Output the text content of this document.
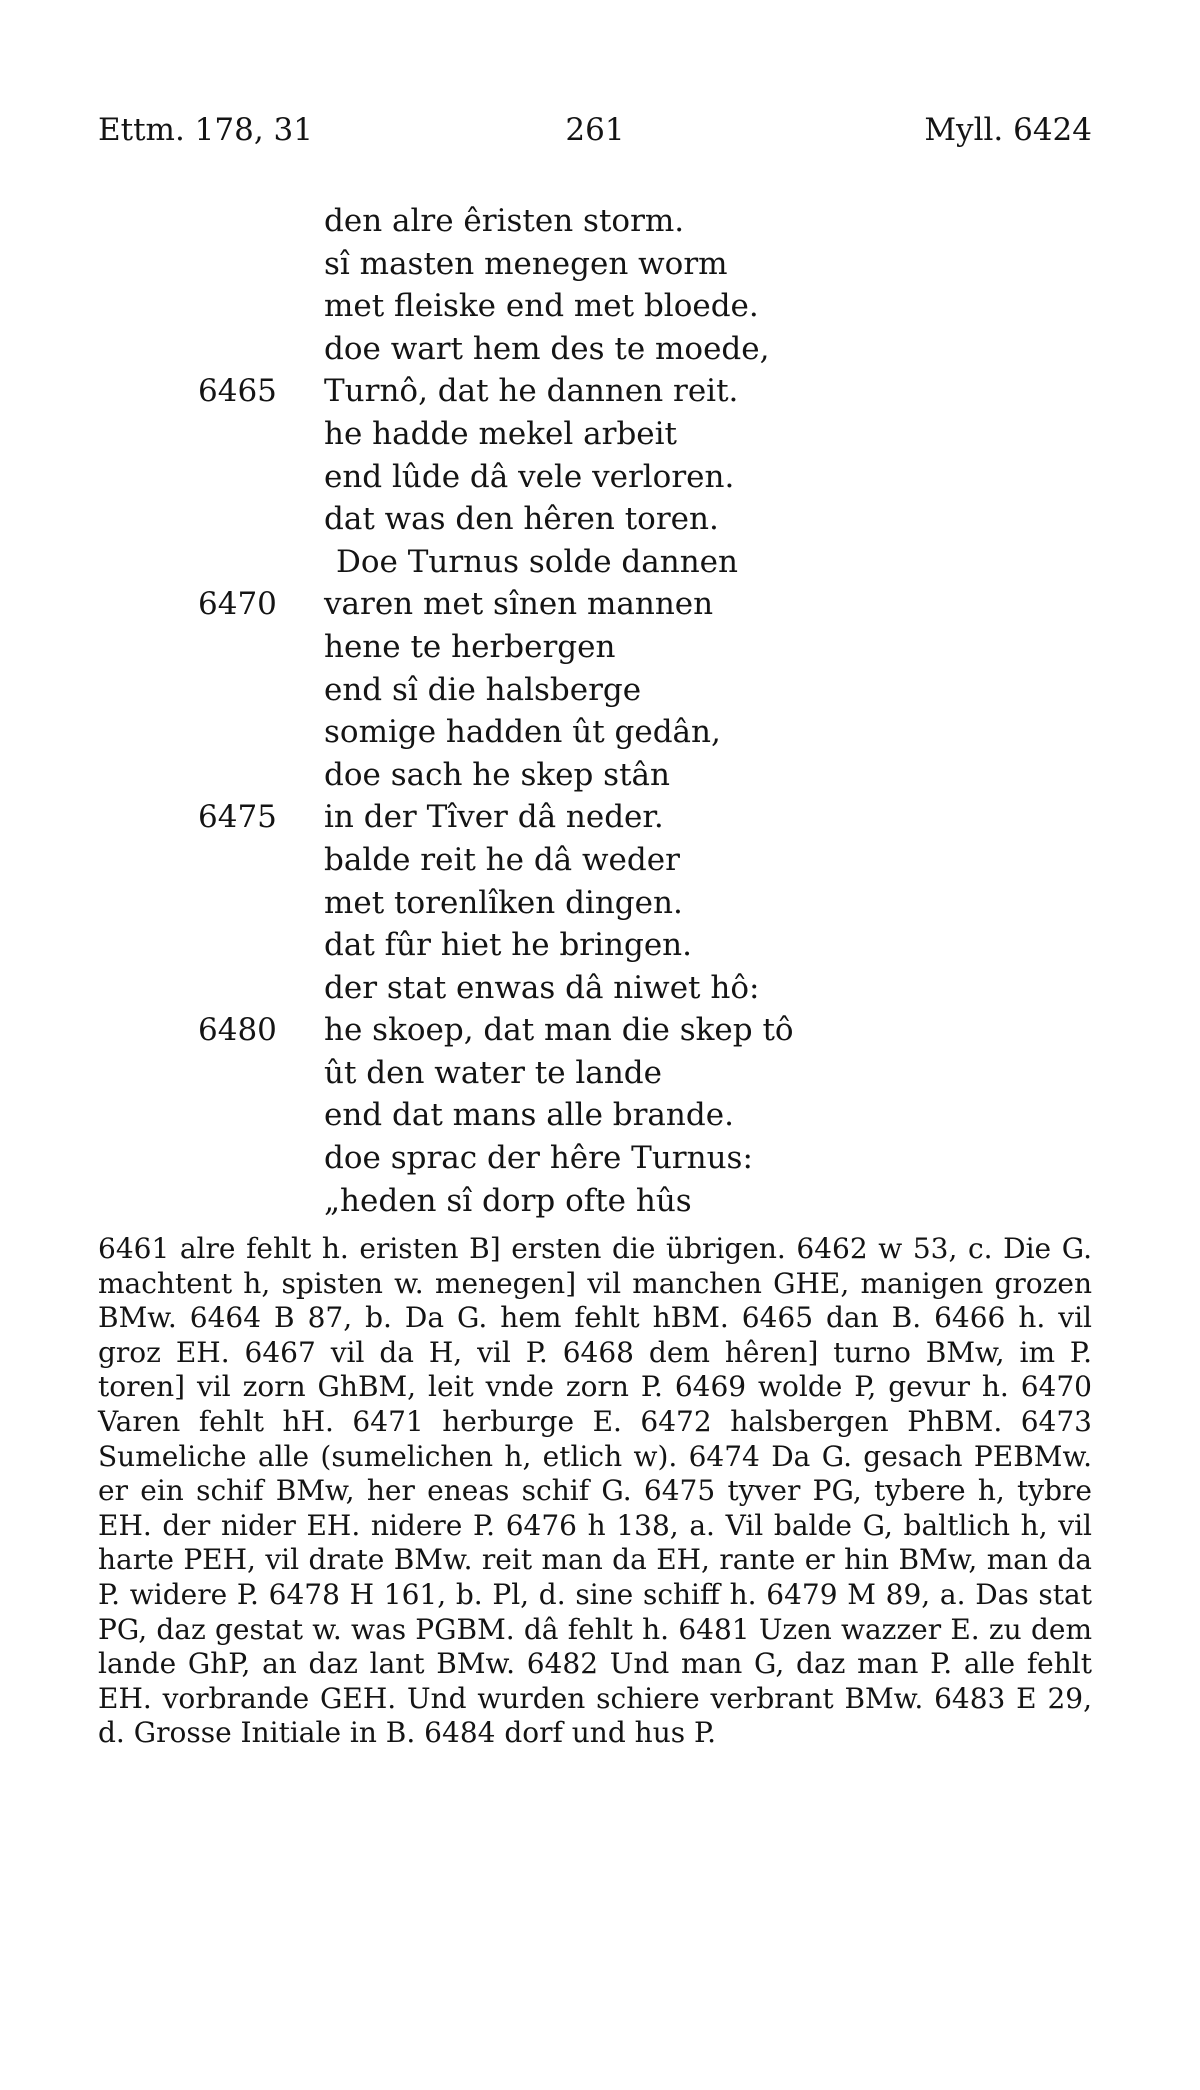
Ettm. 178, 31	261	Myll. 6424
den alre êristen storm.
sî masten menegen worm
met fleiske end met bloede.
doe wart hem des te moede,
6465	Turnô, dat he dannen reit.
he hadde mekel arbeit
end lûde dâ vele verloren.
dat was den hêren toren.
Doe Turnus solde dannen
6470	varen met sînen mannen
hene te herbergen
end sî die halsberge
somige hadden ût gedân,
doe sach he skep stân
6475	in der Tîver dâ neder.
balde reit he dâ weder
met torenlîken dingen.
dat fûr hiet he bringen.
der stat enwas dâ niwet hô:
6480	he skoep, dat man die skep tô
ût den water te lande
end dat mans alle brande.
doe sprac der hêre Turnus:
„heden sî dorp ofte hûs

6461 alre fehlt h. eristen B] ersten die übrigen. 6462 w 53, c. Die G. machtent h, spisten w. menegen] vil manchen GHE, manigen grozen BMw. 6464 B 87, b. Da G. hem fehlt hBM. 6465 dan B. 6466 h. vil groz EH. 6467 vil da H, vil P. 6468 dem hêren] turno BMw, im P. toren] vil zorn GhBM, leit vnde zorn P. 6469 wolde P, gevur h. 6470 Varen fehlt hH. 6471 herburge E. 6472 halsbergen PhBM. 6473 Sumeliche alle (sumelichen h, etlich w). 6474 Da G. gesach PEBMw. er ein schif BMw, her eneas schif G. 6475 tyver PG, tybere h, tybre EH. der nider EH. nidere P. 6476 h 138, a. Vil balde G, baltlich h, vil harte PEH, vil drate BMw. reit man da EH, rante er hin BMw, man da P. widere P. 6478 H 161, b. Pl, d. sine schiff h. 6479 M 89, a. Das stat PG, daz gestat w. was PGBM. dâ fehlt h. 6481 Uzen wazzer E. zu dem lande GhP, an daz lant BMw. 6482 Und man G, daz man P. alle fehlt EH. vorbrande GEH. Und wurden schiere verbrant BMw. 6483 E 29, d. Grosse Initiale in B. 6484 dorf und hus P.
